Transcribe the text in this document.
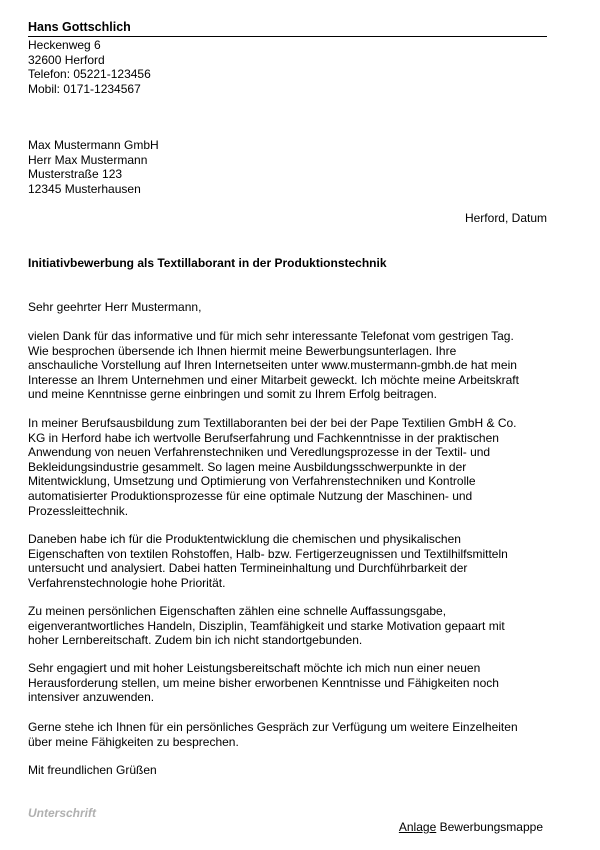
Hans Gottschlich
Heckenweg 6
32600 Herford
Telefon: 05221-123456
Mobil: 0171-1234567
Max Mustermann GmbH
Herr Max Mustermann
Musterstraße 123
12345 Musterhausen
Herford, Datum
Initiativbewerbung als Textillaborant in der Produktionstechnik
Sehr geehrter Herr Mustermann,
vielen Dank für das informative und für mich sehr interessante Telefonat vom gestrigen Tag.
Wie besprochen übersende ich Ihnen hiermit meine Bewerbungsunterlagen. Ihre
anschauliche Vorstellung auf Ihren Internetseiten unter www.mustermann-gmbh.de hat mein
Interesse an Ihrem Unternehmen und einer Mitarbeit geweckt. Ich möchte meine Arbeitskraft
und meine Kenntnisse gerne einbringen und somit zu Ihrem Erfolg beitragen.
In meiner Berufsausbildung zum Textillaboranten bei der bei der Pape Textilien GmbH & Co.
KG in Herford habe ich wertvolle Berufserfahrung und Fachkenntnisse in der praktischen
Anwendung von neuen Verfahrenstechniken und Veredlungsprozesse in der Textil- und
Bekleidungsindustrie gesammelt. So lagen meine Ausbildungsschwerpunkte in der
Mitentwicklung, Umsetzung und Optimierung von Verfahrenstechniken und Kontrolle
automatisierter Produktionsprozesse für eine optimale Nutzung der Maschinen- und
Prozessleittechnik.
Daneben habe ich für die Produktentwicklung die chemischen und physikalischen
Eigenschaften von textilen Rohstoffen, Halb- bzw. Fertigerzeugnissen und Textilhilfsmitteln
untersucht und analysiert. Dabei hatten Termineinhaltung und Durchführbarkeit der
Verfahrenstechnologie hohe Priorität.
Zu meinen persönlichen Eigenschaften zählen eine schnelle Auffassungsgabe,
eigenverantwortliches Handeln, Disziplin, Teamfähigkeit und starke Motivation gepaart mit
hoher Lernbereitschaft. Zudem bin ich nicht standortgebunden.
Sehr engagiert und mit hoher Leistungsbereitschaft möchte ich mich nun einer neuen
Herausforderung stellen, um meine bisher erworbenen Kenntnisse und Fähigkeiten noch
intensiver anzuwenden.
Gerne stehe ich Ihnen für ein persönliches Gespräch zur Verfügung um weitere Einzelheiten
über meine Fähigkeiten zu besprechen.
Mit freundlichen Grüßen
Unterschrift
Anlage Bewerbungsmappe
